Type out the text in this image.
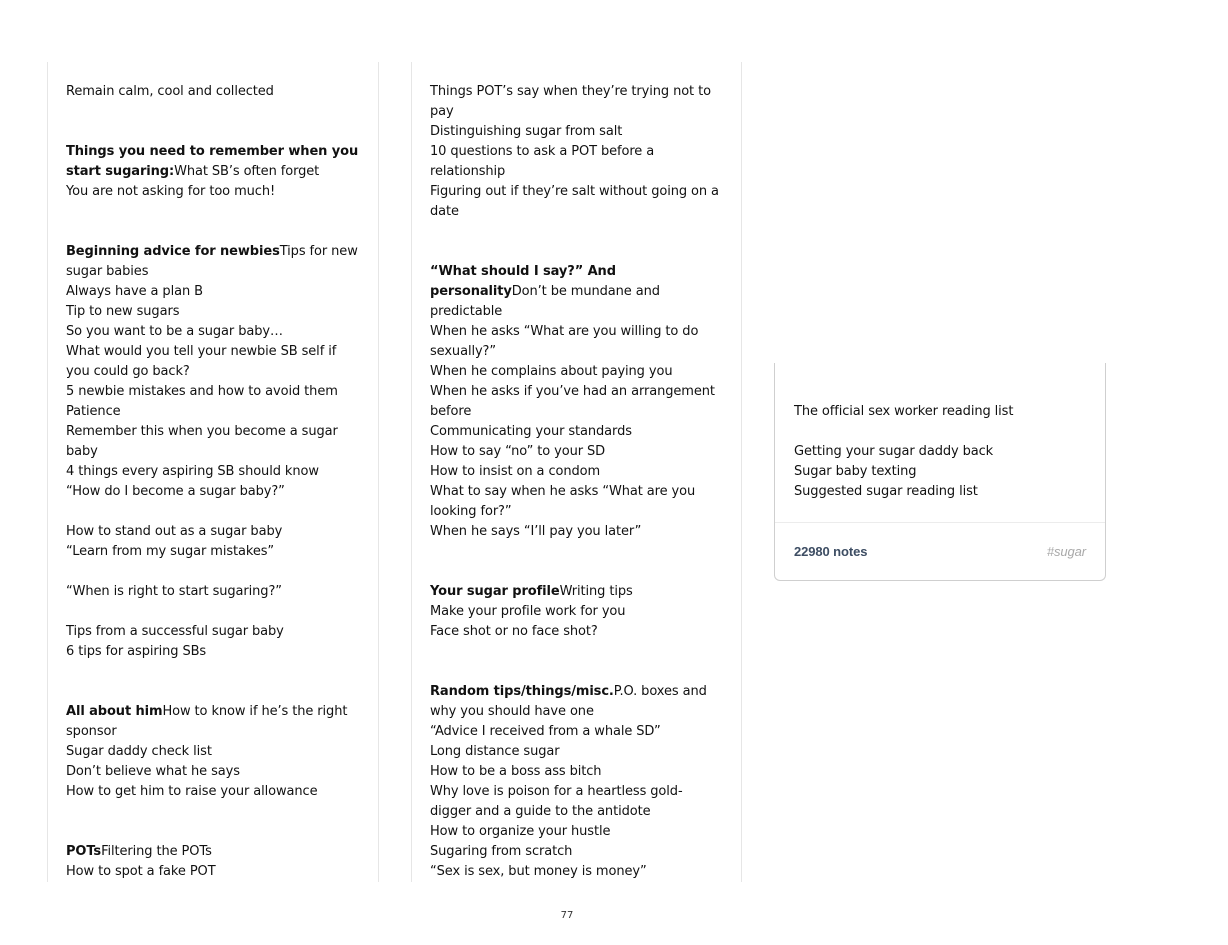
Remain calm, cool and collected
Things you need to remember when you start sugaring:What SB’s often forget
You are not asking for too much!
Beginning advice for newbiesTips for new sugar babies
Always have a plan B
Tip to new sugars
So you want to be a sugar baby…
What would you tell your newbie SB self if you could go back?
5 newbie mistakes and how to avoid them
Patience
Remember this when you become a sugar baby
4 things every aspiring SB should know
“How do I become a sugar baby?”
How to stand out as a sugar baby
“Learn from my sugar mistakes”
“When is right to start sugaring?”
Tips from a successful sugar baby
6 tips for aspiring SBs
All about himHow to know if he’s the right sponsor
Sugar daddy check list
Don’t believe what he says
How to get him to raise your allowance
POTsFiltering the POTs
How to spot a fake POT
Things POT’s say when they’re trying not to pay
Distinguishing sugar from salt
10 questions to ask a POT before a relationship
Figuring out if they’re salt without going on a date
“What should I say?” And personalityDon’t be mundane and predictable
When he asks “What are you willing to do sexually?”
When he complains about paying you
When he asks if you’ve had an arrangement before
Communicating your standards
How to say “no” to your SD
How to insist on a condom
What to say when he asks “What are you looking for?”
When he says “I’ll pay you later”
Your sugar profileWriting tips
Make your profile work for you
Face shot or no face shot?
Random tips/things/misc.P.O. boxes and why you should have one
“Advice I received from a whale SD”
Long distance sugar
How to be a boss ass bitch
Why love is poison for a heartless gold-digger and a guide to the antidote
How to organize your hustle
Sugaring from scratch
“Sex is sex, but money is money”
The official sex worker reading list
Getting your sugar daddy back
Sugar baby texting
Suggested sugar reading list
22980 notes	#sugar
77
